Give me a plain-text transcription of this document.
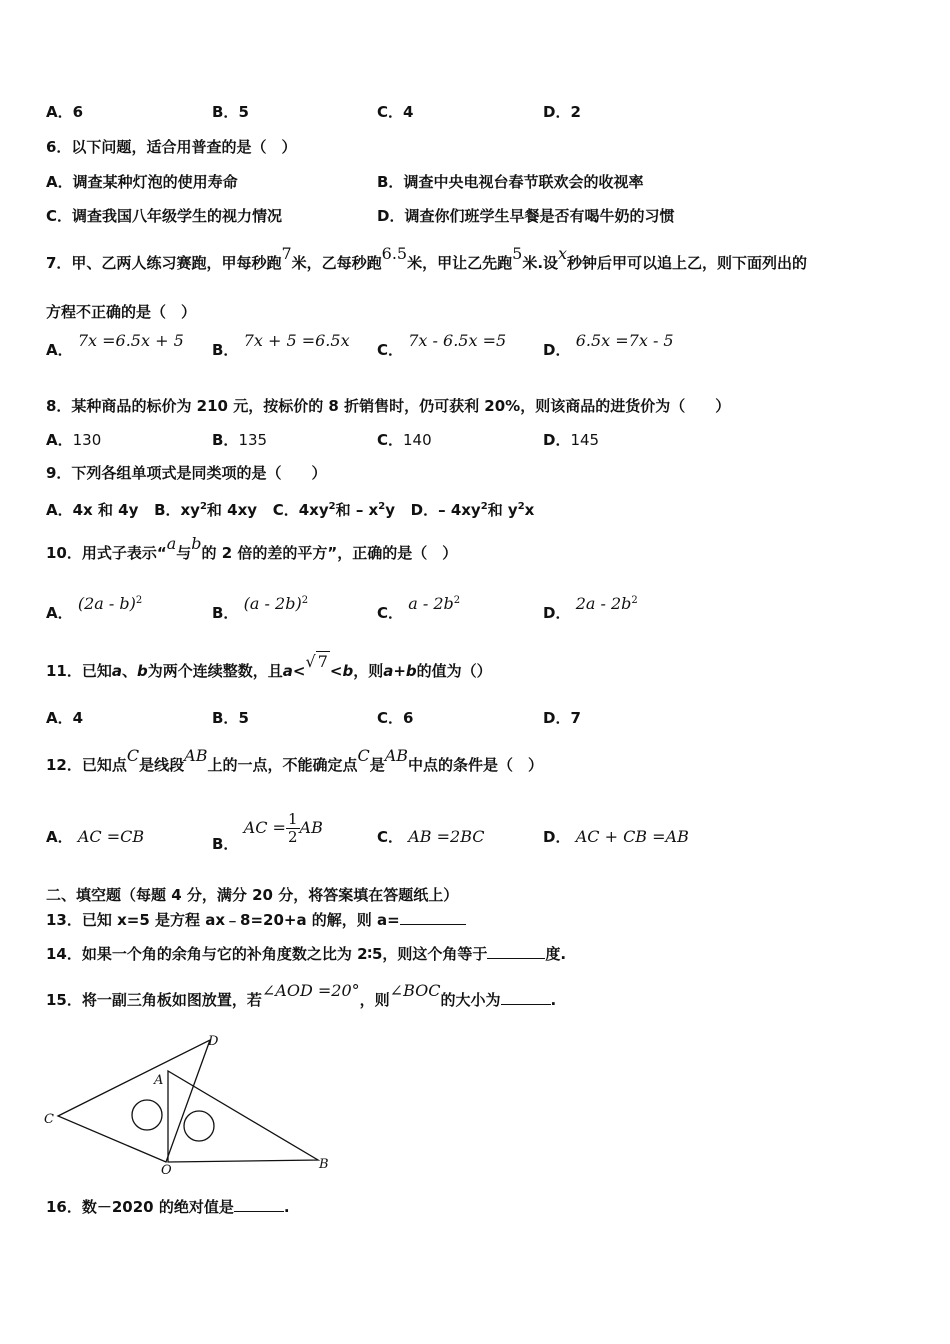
A．6	B．5	C．4	D．2
6．以下问题，适合用普查的是（　）
A．调查某种灯泡的使用寿命	B．调查中央电视台春节联欢会的收视率
C．调查我国八年级学生的视力情况	D．调查你们班学生早餐是否有喝牛奶的习惯
7．甲、乙两人练习赛跑，甲每秒跑7米，乙每秒跑6.5米，甲让乙先跑5米.设x秒钟后甲可以追上乙，则下面列出的
方程不正确的是（　）
A． 7x =6.5x + 5 B． 7x + 5 =6.5x C． 7x - 6.5x =5 D． 6.5x =7x - 5
8．某种商品的标价为 210 元，按标价的 8 折销售时，仍可获利 20%，则该商品的进货价为（　　）
A．130	B．135	C．140	D．145
9．下列各组单项式是同类项的是（　　）
A．4x 和 4y B．$xy^2$和 4xy C．$4xy^2$和 – $x^2y$ D．– $4xy^2$和 $y^2x$
10．用式子表示“a与b的 2 倍的差的平方”，正确的是（　）
A． (2a - b)$^2$
B． (a - 2b)$^2$
C． a - $2b^2$
D． $2a - 2b^2$
11．已知a、b为两个连续整数，且a<√ 7 <b，则a+b的值为（）
A．4	B．5	C．6	D．7
12．已知点C是线段AB上的一点，不能确定点C是AB中点的条件是（　）
A． AC =CB	B． AC = $\frac{1}{2}$ AB	C． AB =2BC	D． AC + CB =AB
二、填空题（每题 4 分，满分 20 分，将答案填在答题纸上）
13．已知 x=5 是方程 ax﹣8=20+a 的解，则 a=
14．如果一个角的余角与它的补角度数之比为 2∶5，则这个角等于	度.
15．将一副三角板如图放置，若∠AOD =20°，则∠BOC的大小为	.
D
A
C
O	B
16．数－2020 的绝对值是	.
